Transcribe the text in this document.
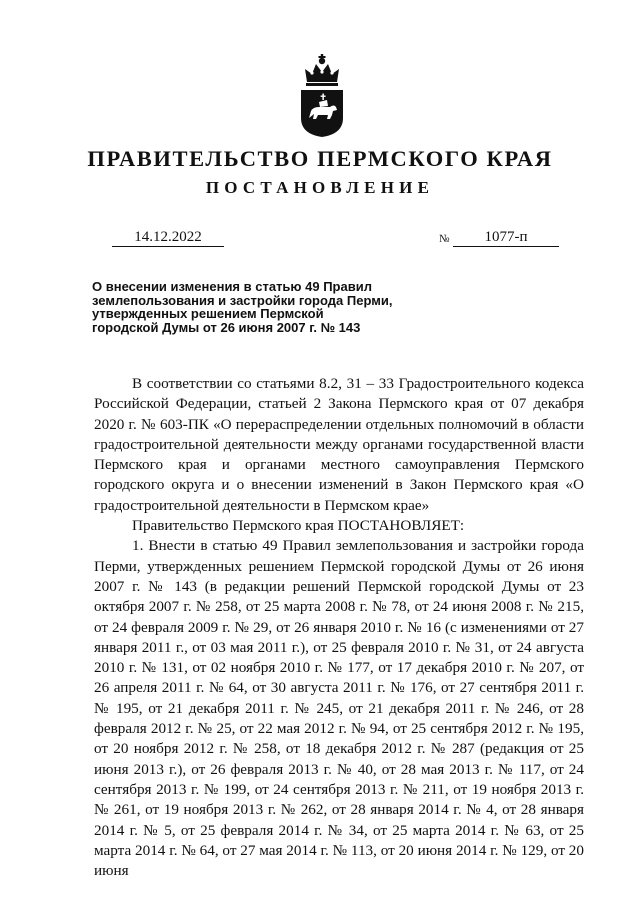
ПРАВИТЕЛЬСТВО ПЕРМСКОГО КРАЯ
ПОСТАНОВЛЕНИЕ
14.12.2022	№	1077-п
О внесении изменения в статью 49 Правил
землепользования и застройки города Перми,
утвержденных решением Пермской
городской Думы от 26 июня 2007 г. № 143

В соответствии со статьями 8.2, 31 – 33 Градостроительного кодекса Российской Федерации, статьей 2 Закона Пермского края от 07 декабря 2020 г. № 603-ПК «О перераспределении отдельных полномочий в области градостроительной деятельности между органами государственной власти Пермского края и органами местного самоуправления Пермского городского округа и о внесении изменений в Закон Пермского края «О градостроительной деятельности в Пермском крае»

Правительство Пермского края ПОСТАНОВЛЯЕТ:

1. Внести в статью 49 Правил землепользования и застройки города Перми, утвержденных решением Пермской городской Думы от 26 июня 2007 г. № 143 (в редакции решений Пермской городской Думы от 23 октября 2007 г. № 258, от 25 марта 2008 г. № 78, от 24 июня 2008 г. № 215, от 24 февраля 2009 г. № 29, от 26 января 2010 г. № 16 (с изменениями от 27 января 2011 г., от 03 мая 2011 г.), от 25 февраля 2010 г. № 31, от 24 августа 2010 г. № 131, от 02 ноября 2010 г. № 177, от 17 декабря 2010 г. № 207, от 26 апреля 2011 г. № 64, от 30 августа 2011 г. № 176, от 27 сентября 2011 г. № 195, от 21 декабря 2011 г. № 245, от 21 декабря 2011 г. № 246, от 28 февраля 2012 г. № 25, от 22 мая 2012 г. № 94, от 25 сентября 2012 г. № 195, от 20 ноября 2012 г. № 258, от 18 декабря 2012 г. № 287 (редакция от 25 июня 2013 г.), от 26 февраля 2013 г. № 40, от 28 мая 2013 г. № 117, от 24 сентября 2013 г. № 199, от 24 сентября 2013 г. № 211, от 19 ноября 2013 г. № 261, от 19 ноября 2013 г. № 262, от 28 января 2014 г. № 4, от 28 января 2014 г. № 5, от 25 февраля 2014 г. № 34, от 25 марта 2014 г. № 63, от 25 марта 2014 г. № 64, от 27 мая 2014 г. № 113, от 20 июня 2014 г. № 129, от 20 июня
